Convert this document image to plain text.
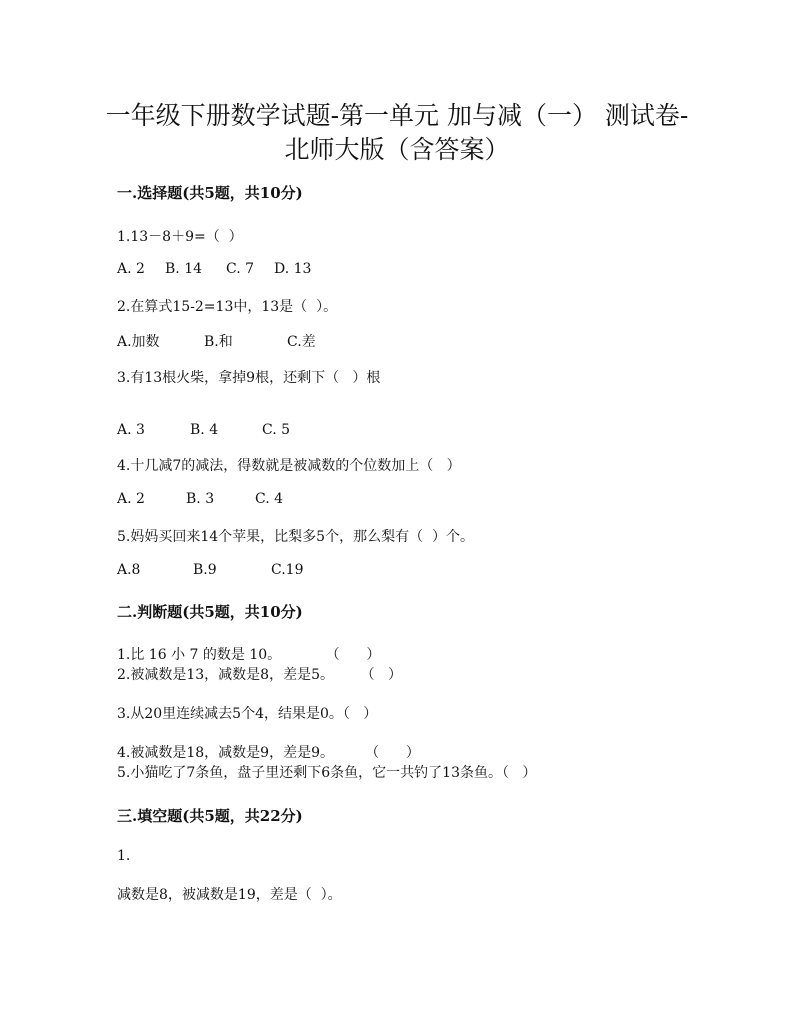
一年级下册数学试题-第一单元 加与减（一） 测试卷-
北师大版（含答案）
一.选择题(共5题，共10分)
1.13－8＋9=（  ）
A. 2 B. 14 C. 7 D. 13
2.在算式15-2=13中，13是（  ）。
A.加数	B.和	C.差
3.有13根火柴，拿掉9根，还剩下（   ）根
A. 3	B. 4	C. 5
4.十几减7的减法，得数就是被减数的个位数加上（   ）
A. 2	B. 3	C. 4
5.妈妈买回来14个苹果，比梨多5个，那么梨有（  ）个。
A.8	B.9	C.19
二.判断题(共5题，共10分)
1.比 16 小 7 的数是 10。          （      ）
2.被减数是13，减数是8，差是5。      （   ）
3.从20里连续减去5个4，结果是0。（   ）
4.被减数是18，减数是9，差是9。       （      ）
5.小猫吃了7条鱼，盘子里还剩下6条鱼，它一共钓了13条鱼。（   ）
三.填空题(共5题，共22分)
1.
减数是8，被减数是19，差是（  ）。
